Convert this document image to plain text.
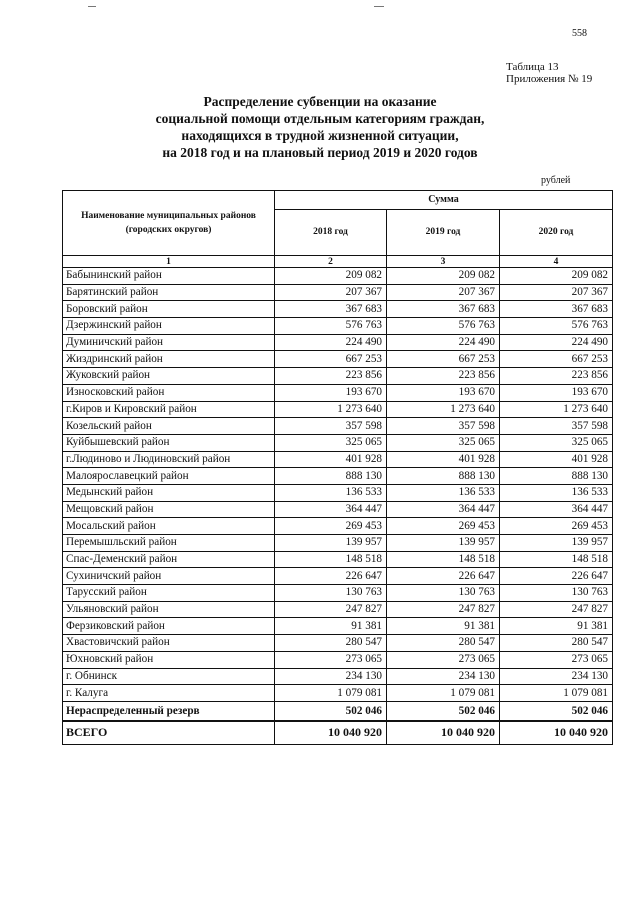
558
Таблица 13
Приложения № 19
Распределение субвенции на оказание
социальной помощи отдельным категориям граждан,
находящихся в трудной жизненной ситуации,
на 2018 год и на плановый период 2019 и 2020 годов
рублей
Наименование муниципальных районов (городских округов)	Сумма		
	2018 год	2019 год	2020 год
1	2	3	4
Бабынинский район	209 082	209 082	209 082
Барятинский район	207 367	207 367	207 367
Боровский район	367 683	367 683	367 683
Дзержинский район	576 763	576 763	576 763
Думиничский район	224 490	224 490	224 490
Жиздринский район	667 253	667 253	667 253
Жуковский район	223 856	223 856	223 856
Износковский район	193 670	193 670	193 670
г.Киров и Кировский район	1 273 640	1 273 640	1 273 640
Козельский район	357 598	357 598	357 598
Куйбышевский район	325 065	325 065	325 065
г.Людиново и Людиновский район	401 928	401 928	401 928
Малоярославецкий район	888 130	888 130	888 130
Медынский район	136 533	136 533	136 533
Мещовский район	364 447	364 447	364 447
Мосальский район	269 453	269 453	269 453
Перемышльский район	139 957	139 957	139 957
Спас-Деменский район	148 518	148 518	148 518
Сухиничский район	226 647	226 647	226 647
Тарусский район	130 763	130 763	130 763
Ульяновский район	247 827	247 827	247 827
Ферзиковский район	91 381	91 381	91 381
Хвастовичский район	280 547	280 547	280 547
Юхновский район	273 065	273 065	273 065
г. Обнинск	234 130	234 130	234 130
г. Калуга	1 079 081	1 079 081	1 079 081
Нераспределенный резерв	502 046	502 046	502 046
ВСЕГО	10 040 920	10 040 920	10 040 920
